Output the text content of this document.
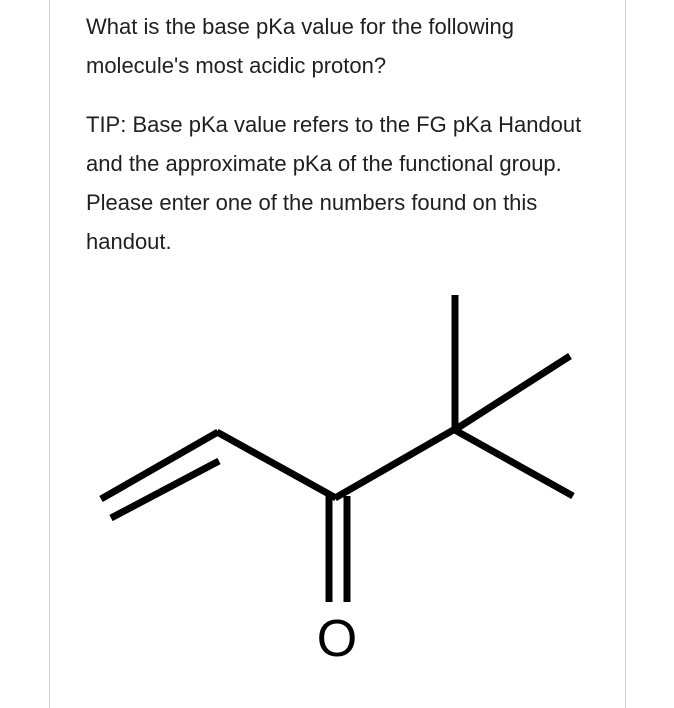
What is the base pKa value for the following molecule's most acidic proton?

TIP: Base pKa value refers to the FG pKa Handout and the approximate pKa of the functional group. Please enter one of the numbers found on this handout.

O
